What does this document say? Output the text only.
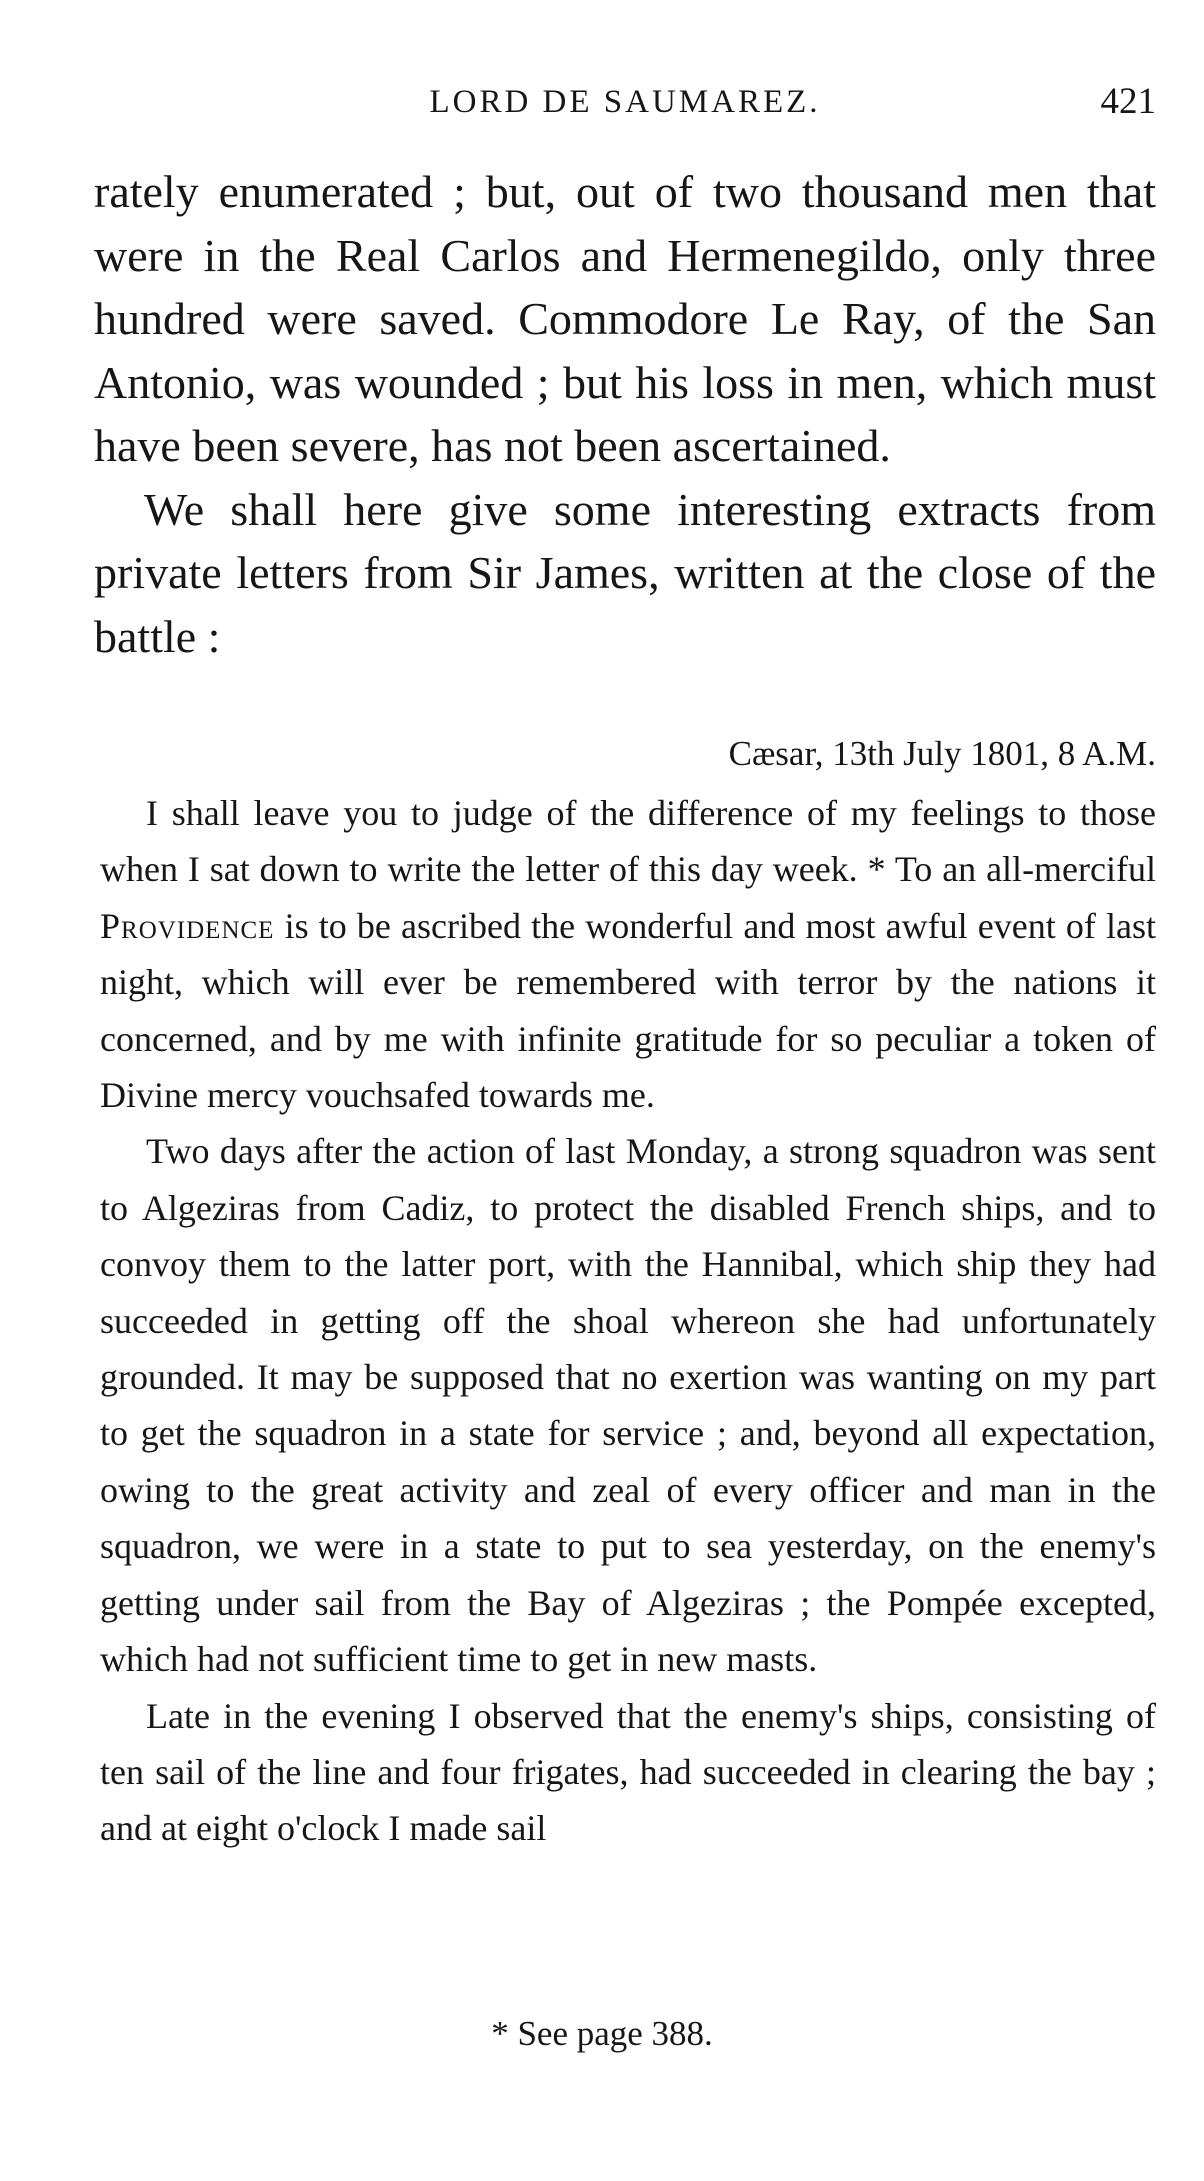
LORD DE SAUMAREZ.	421

rately enumerated ; but, out of two thousand men that were in the Real Carlos and Hermenegildo, only three hundred were saved. Commodore Le Ray, of the San Antonio, was wounded ; but his loss in men, which must have been severe, has not been ascertained.

We shall here give some interesting extracts from private letters from Sir James, written at the close of the battle :

Cæsar, 13th July 1801, 8 A.M.

I shall leave you to judge of the difference of my feelings to those when I sat down to write the letter of this day week. * To an all-merciful Providence is to be ascribed the wonderful and most awful event of last night, which will ever be remembered with terror by the nations it concerned, and by me with infinite gratitude for so peculiar a token of Divine mercy vouchsafed towards me.

Two days after the action of last Monday, a strong squadron was sent to Algeziras from Cadiz, to protect the disabled French ships, and to convoy them to the latter port, with the Hannibal, which ship they had succeeded in getting off the shoal whereon she had unfortunately grounded. It may be supposed that no exertion was wanting on my part to get the squadron in a state for service ; and, beyond all expectation, owing to the great activity and zeal of every officer and man in the squadron, we were in a state to put to sea yesterday, on the enemy's getting under sail from the Bay of Algeziras ; the Pompée excepted, which had not sufficient time to get in new masts.

Late in the evening I observed that the enemy's ships, consisting of ten sail of the line and four frigates, had succeeded in clearing the bay ; and at eight o'clock I made sail

* See page 388.
